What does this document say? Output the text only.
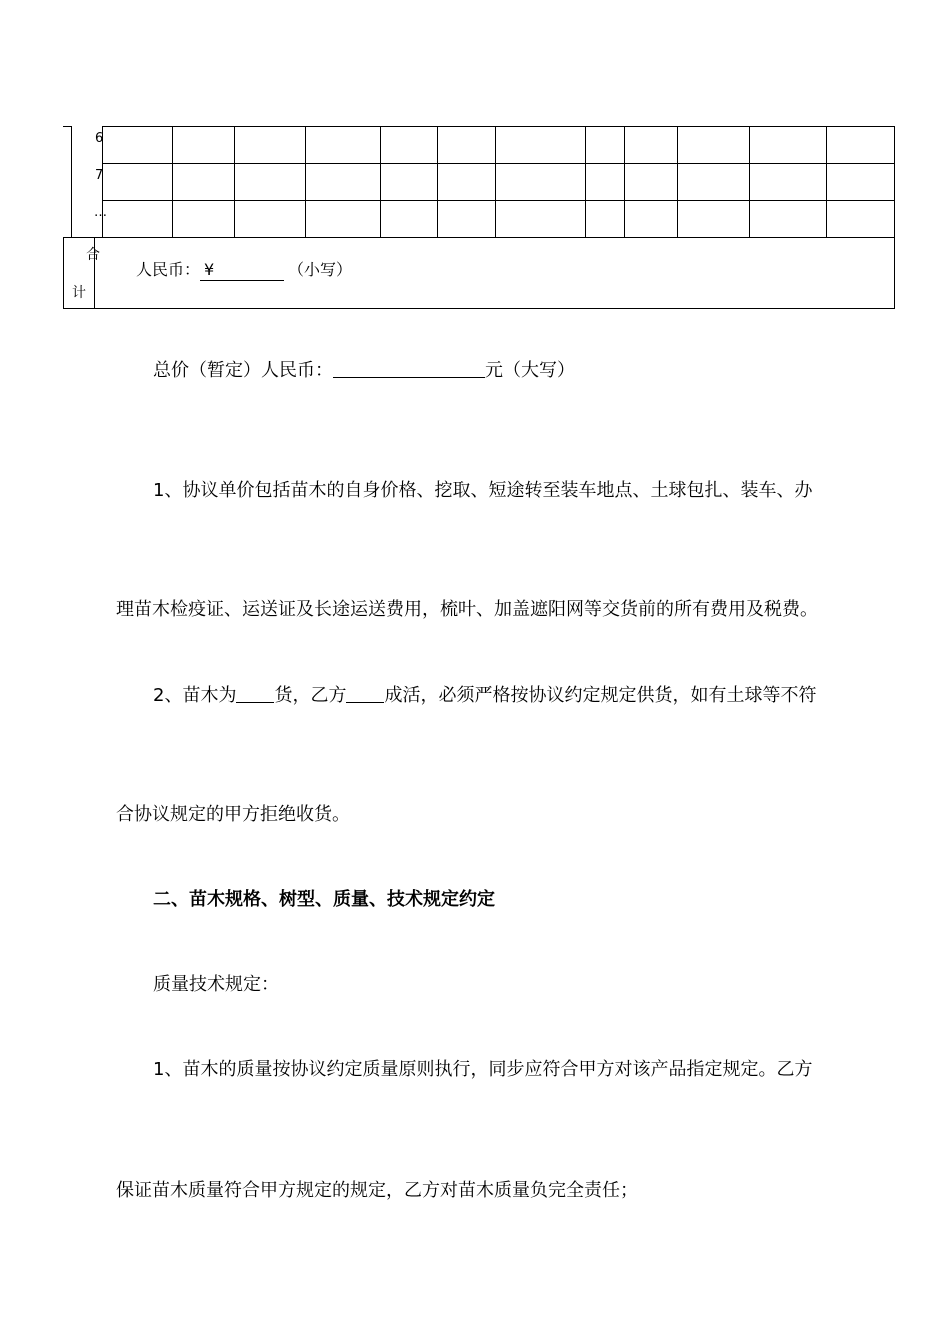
6
7
…
合
计
人民币： ¥	（小写）
总价（暂定）人民币：	元（大写）
1、协议单价包括苗木的自身价格、挖取、短途转至装车地点、土球包扎、装车、办
理苗木检疫证、运送证及长途运送费用，梳叶、加盖遮阳网等交货前的所有费用及税费。
2、苗木为 货，乙方 成活，必须严格按协议约定规定供货，如有土球等不符
合协议规定的甲方拒绝收货。
二、苗木规格、树型、质量、技术规定约定
质量技术规定：
1、苗木的质量按协议约定质量原则执行，同步应符合甲方对该产品指定规定。乙方
保证苗木质量符合甲方规定的规定，乙方对苗木质量负完全责任；
